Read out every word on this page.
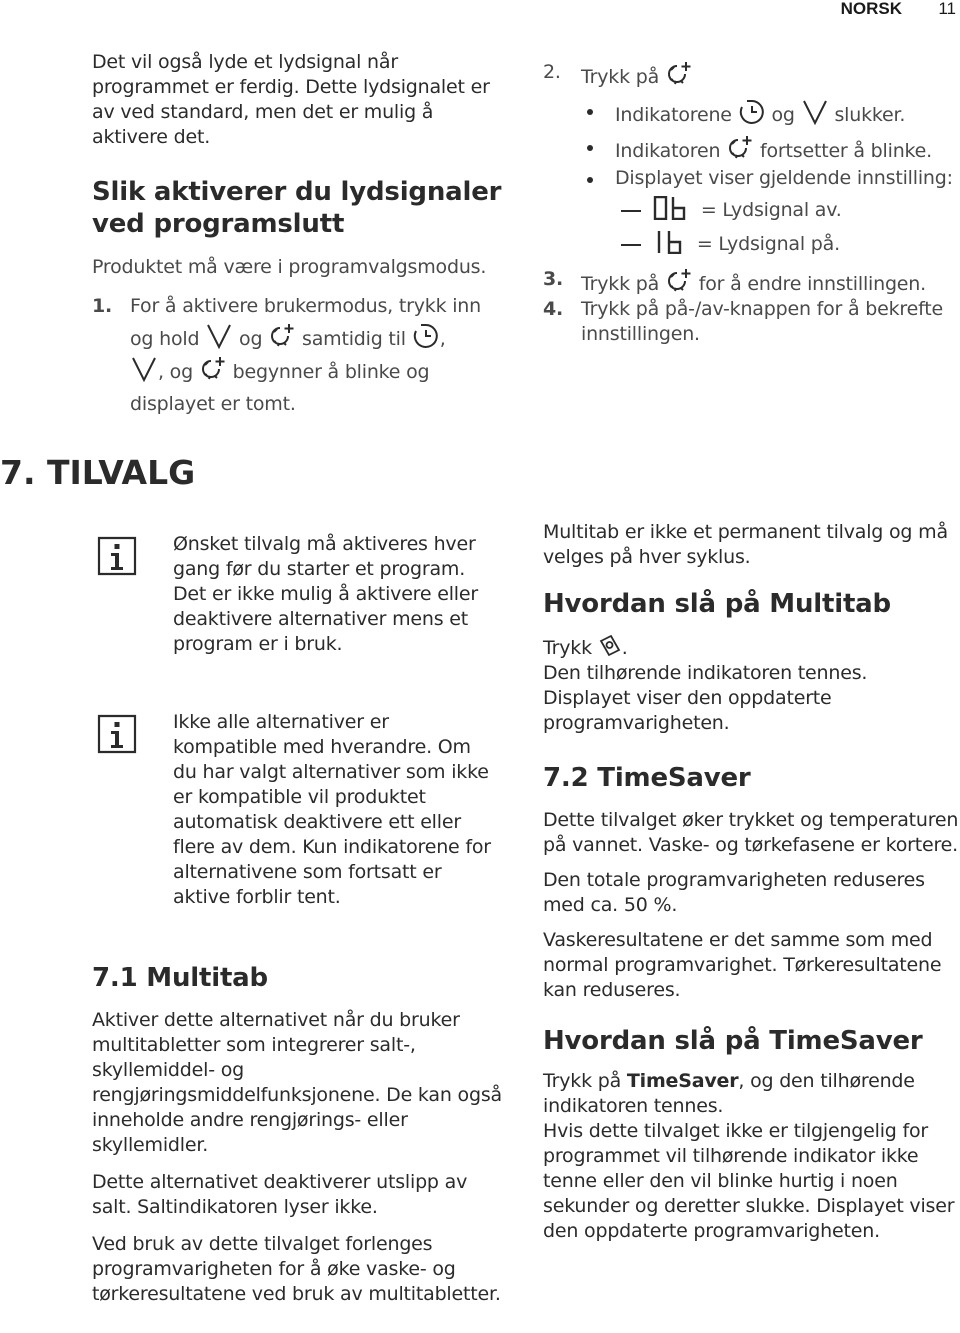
NORSK 11

Det vil også lyde et lydsignal når programmet er ferdig. Dette lydsignalet er av ved standard, men det er mulig å aktivere det.

Slik aktiverer du lydsignaler ved programslutt

Produktet må være i programvalgsmodus.

1. For å aktivere brukermodus, trykk inn og hold og samtidig til ,
, og begynner å blinke og displayet er tomt.
7. TILVALG

Ønsket tilvalg må aktiveres hver gang før du starter et program. Det er ikke mulig å aktivere eller deaktivere alternativer mens et program er i bruk.

Ikke alle alternativer er kompatible med hverandre. Om du har valgt alternativer som ikke er kompatible vil produktet automatisk deaktivere ett eller flere av dem. Kun indikatorene for alternativene som fortsatt er aktive forblir tent.

7.1 Multitab

Aktiver dette alternativet når du bruker multitabletter som integrerer salt-, skyllemiddel- og rengjøringsmiddelfunksjonene. De kan også inneholde andre rengjørings- eller skyllemidler.

Dette alternativet deaktiverer utslipp av salt. Saltindikatoren lyser ikke.

Ved bruk av dette tilvalget forlenges programvarigheten for å øke vaske- og tørkeresultatene ved bruk av multitabletter.

2. Trykk på
Indikatorene og slukker.
Indikatoren fortsetter å blinke.
Displayet viser gjeldende innstilling:
= Lydsignal av.
= Lydsignal på.
3. Trykk på for å endre innstillingen.
4. Trykk på på-/av-knappen for å bekrefte innstillingen.

Multitab er ikke et permanent tilvalg og må velges på hver syklus.

Hvordan slå på Multitab

Trykk .

Den tilhørende indikatoren tennes. Displayet viser den oppdaterte programvarigheten.

7.2 TimeSaver

Dette tilvalget øker trykket og temperaturen på vannet. Vaske- og tørkefasene er kortere.

Den totale programvarigheten reduseres med ca. 50 %.

Vaskeresultatene er det samme som med normal programvarighet. Tørkeresultatene kan reduseres.

Hvordan slå på TimeSaver

Trykk på TimeSaver, og den tilhørende indikatoren tennes.

Hvis dette tilvalget ikke er tilgjengelig for programmet vil tilhørende indikator ikke tenne eller den vil blinke hurtig i noen sekunder og deretter slukke. Displayet viser den oppdaterte programvarigheten.
